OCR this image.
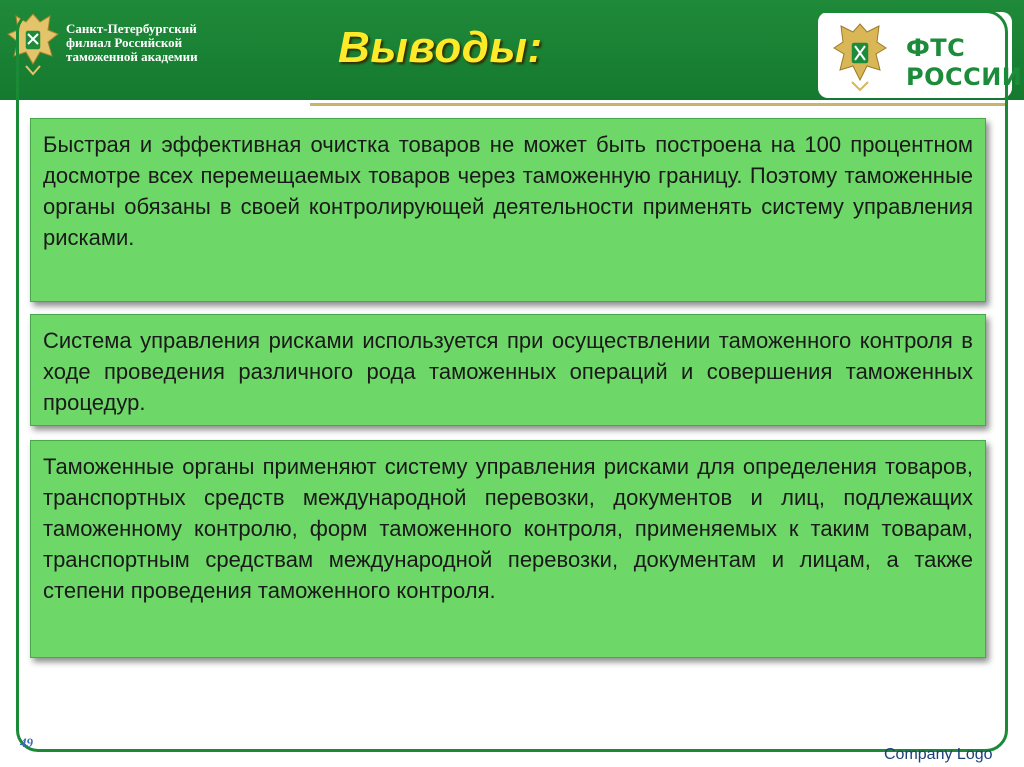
Санкт-Петербургский
филиал Российской
таможенной академии	Выводы:	ФТС
РОССИИ
Быстрая и эффективная очистка товаров не может быть построена на 100 процентном досмотре всех перемещаемых товаров через таможенную границу. Поэтому таможенные органы обязаны в своей контролирующей деятельности применять систему управления рисками.
Система управления рисками используется при осуществлении таможенного контроля в ходе проведения различного рода таможенных операций и совершения таможенных процедур.
Таможенные органы применяют систему управления рисками для определения товаров, транспортных средств международной перевозки, документов и лиц, подлежащих таможенному контролю, форм таможенного контроля, применяемых к таким товарам, транспортным средствам международной перевозки, документам и лицам, а также степени проведения таможенного контроля.
49
Company Logo
